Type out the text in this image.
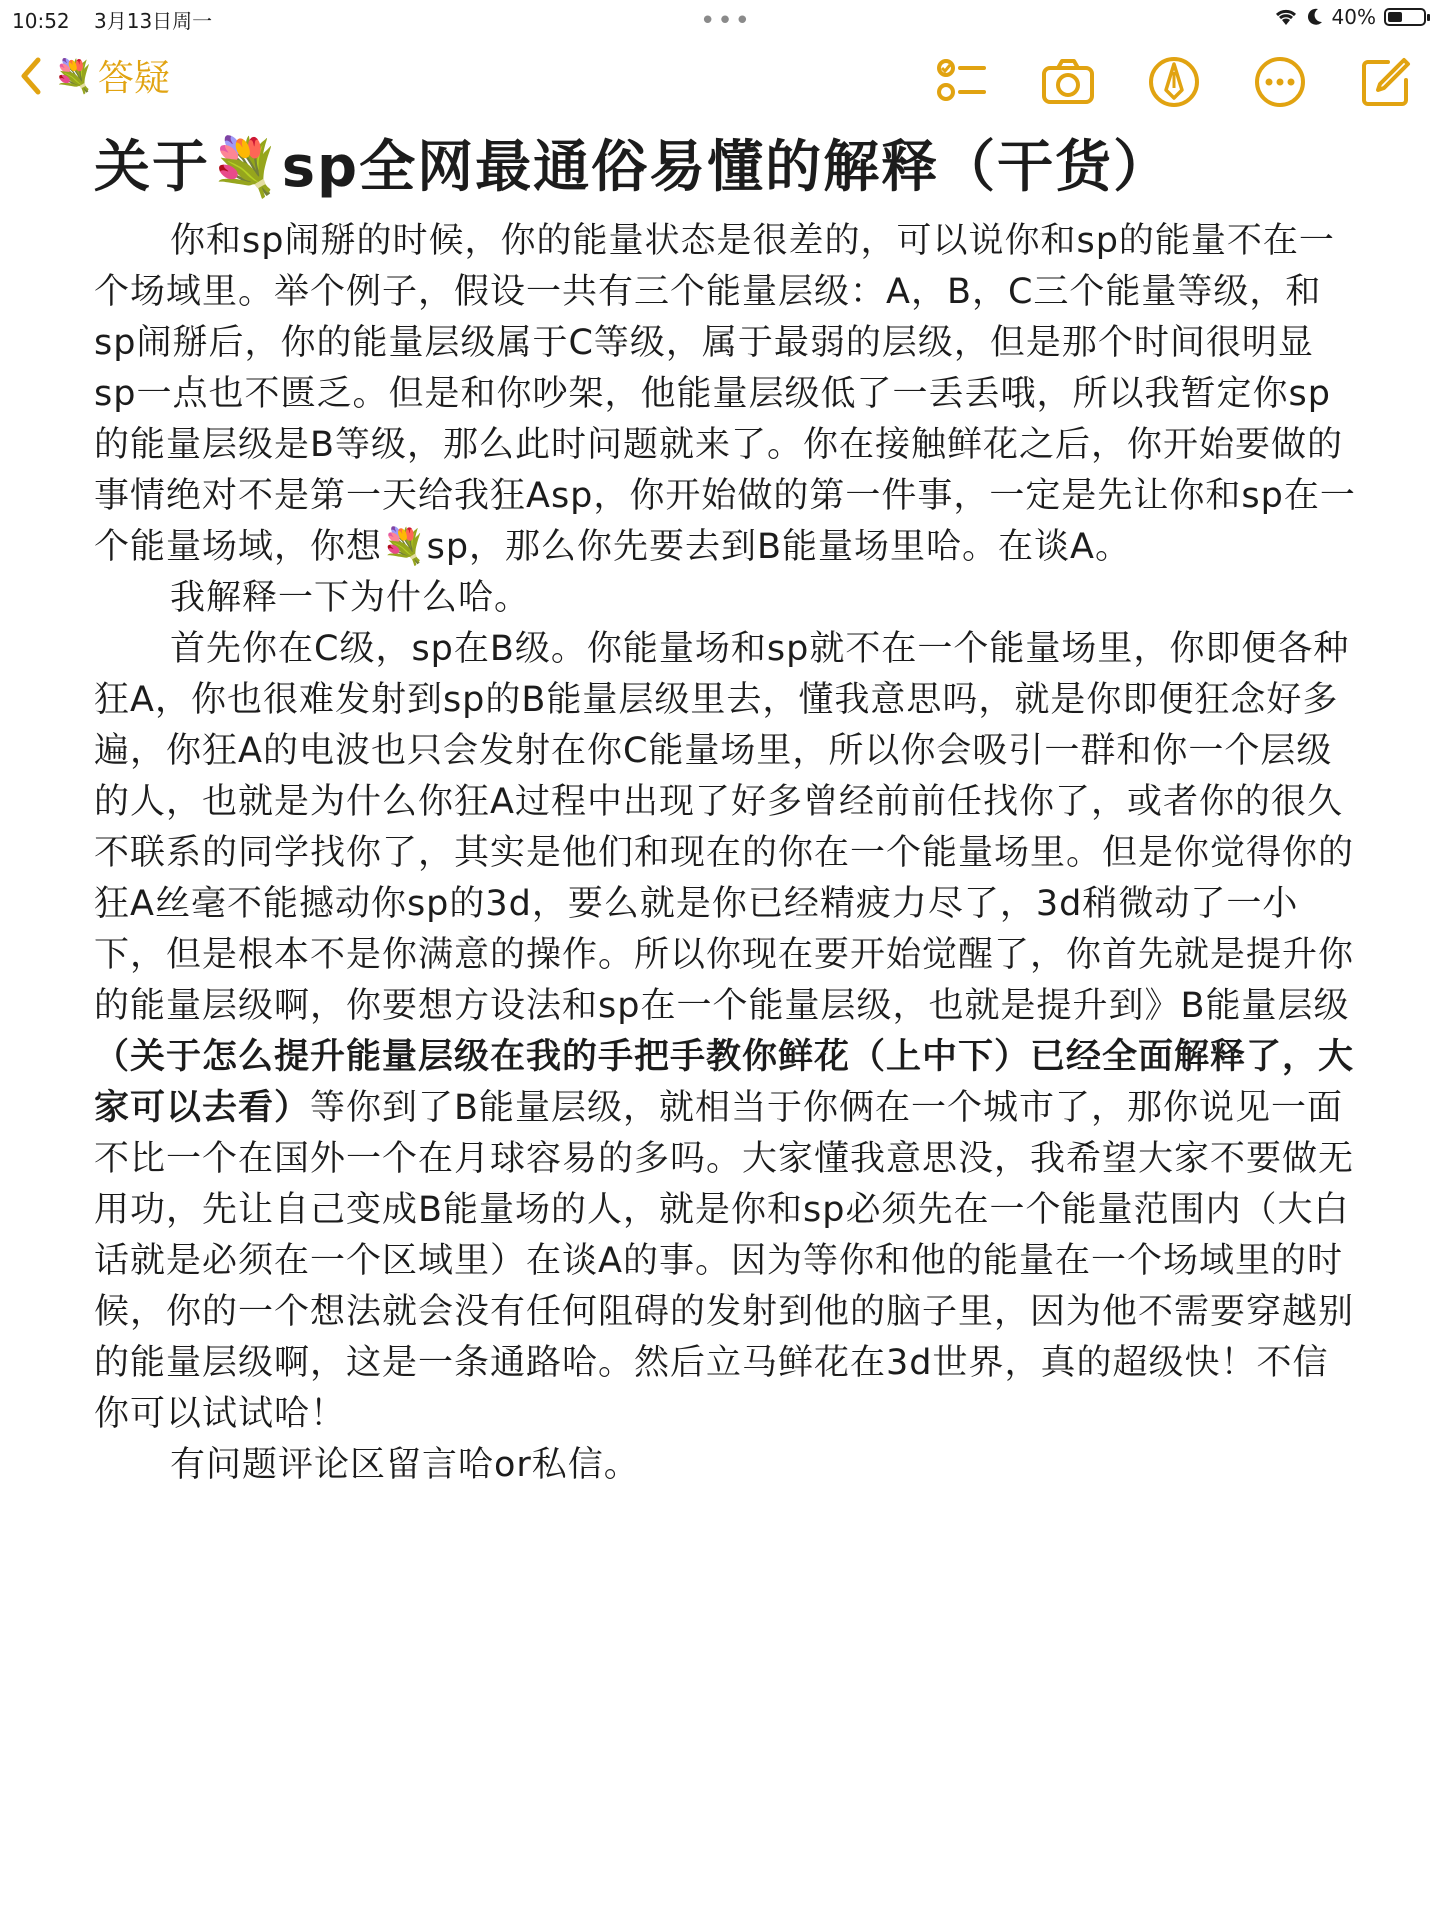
10:52 3月13日周一	•••	40%
💐 答疑
关于💐sp全网最通俗易懂的解释（干货）

你和sp闹掰的时候，你的能量状态是很差的，可以说你和sp的能量不在一个场域里。举个例子，假设一共有三个能量层级：A，B，C三个能量等级，和sp闹掰后，你的能量层级属于C等级，属于最弱的层级，但是那个时间很明显sp一点也不匮乏。但是和你吵架，他能量层级低了一丢丢哦，所以我暂定你sp的能量层级是B等级，那么此时问题就来了。你在接触鲜花之后，你开始要做的事情绝对不是第一天给我狂Asp，你开始做的第一件事，一定是先让你和sp在一个能量场域，你想💐sp，那么你先要去到B能量场里哈。在谈A。

我解释一下为什么哈。

首先你在C级，sp在B级。你能量场和sp就不在一个能量场里，你即便各种狂A，你也很难发射到sp的B能量层级里去，懂我意思吗，就是你即便狂念好多遍，你狂A的电波也只会发射在你C能量场里，所以你会吸引一群和你一个层级的人，也就是为什么你狂A过程中出现了好多曾经前前任找你了，或者你的很久不联系的同学找你了，其实是他们和现在的你在一个能量场里。但是你觉得你的狂A丝毫不能撼动你sp的3d，要么就是你已经精疲力尽了，3d稍微动了一小下，但是根本不是你满意的操作。所以你现在要开始觉醒了，你首先就是提升你的能量层级啊，你要想方设法和sp在一个能量层级，也就是提升到》B能量层级（关于怎么提升能量层级在我的手把手教你鲜花（上中下）已经全面解释了，大家可以去看）等你到了B能量层级，就相当于你俩在一个城市了，那你说见一面不比一个在国外一个在月球容易的多吗。大家懂我意思没，我希望大家不要做无用功，先让自己变成B能量场的人，就是你和sp必须先在一个能量范围内（大白话就是必须在一个区域里）在谈A的事。因为等你和他的能量在一个场域里的时候，你的一个想法就会没有任何阻碍的发射到他的脑子里，因为他不需要穿越别的能量层级啊，这是一条通路哈。然后立马鲜花在3d世界，真的超级快！不信你可以试试哈！

有问题评论区留言哈or私信。
